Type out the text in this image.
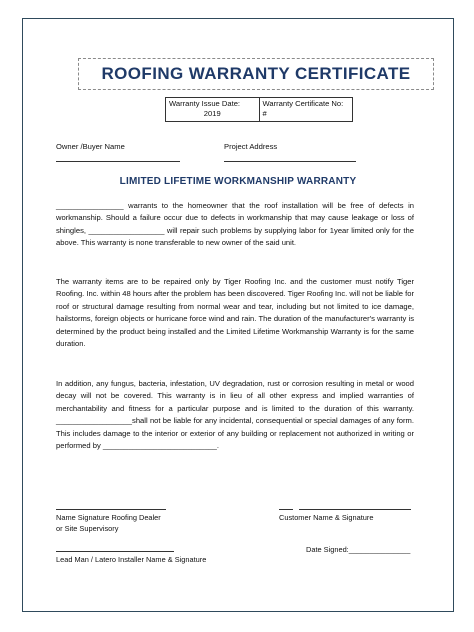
ROOFING WARRANTY CERTIFICATE
Warranty Issue Date:
2019

Warranty Certificate No:
#
Owner /Buyer Name	Project Address
LIMITED LIFETIME WORKMANSHIP WARRANTY

________________ warrants to the homeowner that the roof installation will be free of defects in workmanship. Should a failure occur due to defects in workmanship that may cause leakage or loss of shingles, __________________ will repair such problems by supplying labor for 1year limited only for the above. This warranty is none transferable to new owner of the said unit.

The warranty items are to be repaired only by Tiger Roofing Inc. and the customer must notify Tiger Roofing. Inc. within 48 hours after the problem has been discovered. Tiger Roofing Inc. will not be liable for roof or structural damage resulting from normal wear and tear, including but not limited to ice damage, hailstorms, foreign objects or hurricane force wind and rain. The duration of the manufacturer's warranty is determined by the product being installed and the Limited Lifetime Workmanship Warranty is for the same duration.

In addition, any fungus, bacteria, infestation, UV degradation, rust or corrosion resulting in metal or wood decay will not be covered. This warranty is in lieu of all other express and implied warranties of merchantability and fitness for a particular purpose and is limited to the duration of this warranty. __________________shall not be liable for any incidental, consequential or special damages of any form. This includes damage to the interior or exterior of any building or replacement not authorized in writing or performed by ___________________________.

Name Signature Roofing Dealer
or Site Supervisory
Customer Name & Signature
Lead Man / Latero Installer Name & Signature
Date Signed:_______________
